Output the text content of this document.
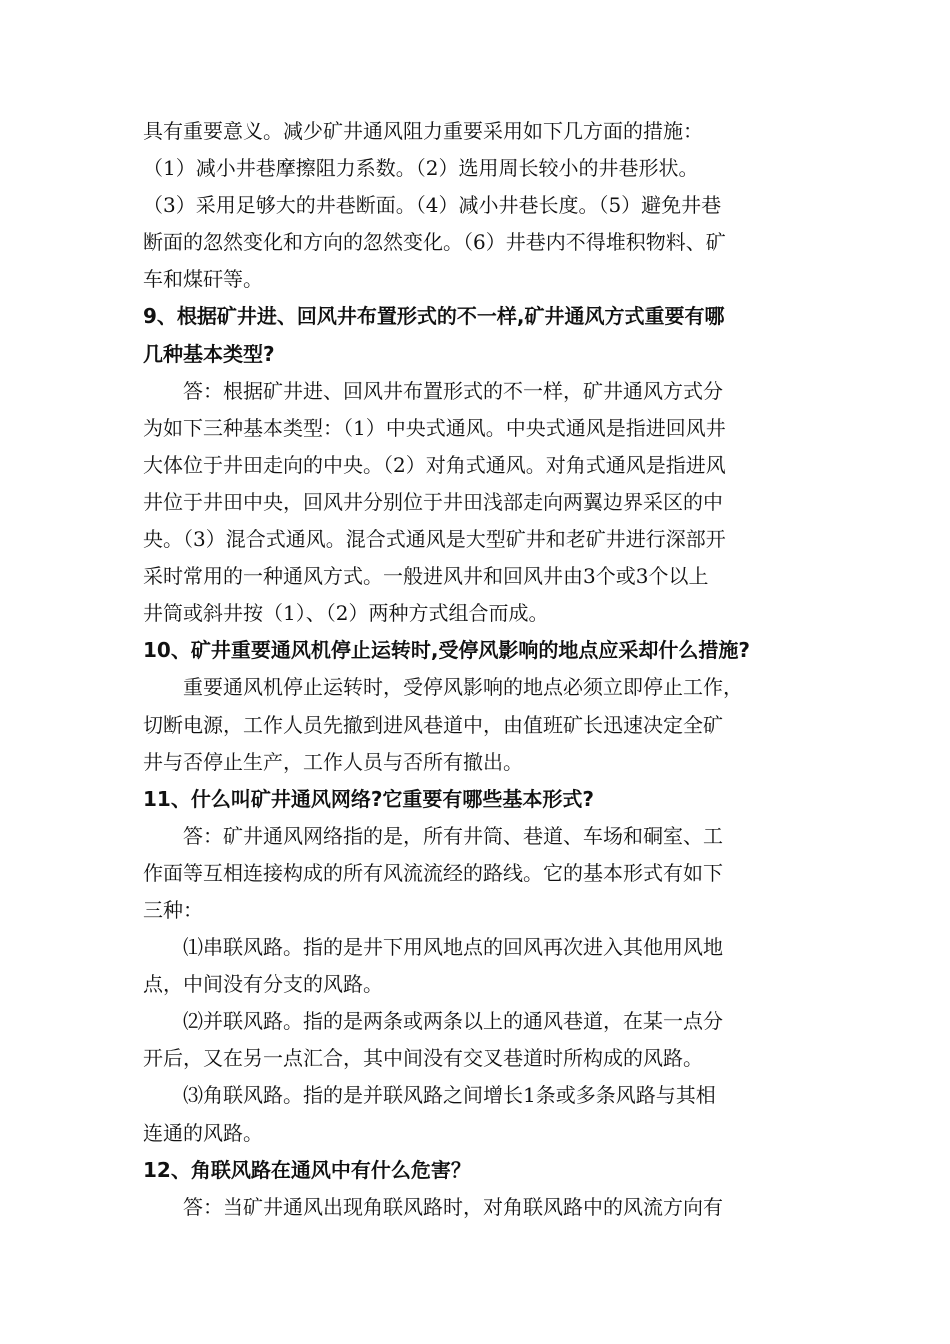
具有重要意义。减少矿井通风阻力重要采用如下几方面的措施：
（1）减小井巷摩擦阻力系数。（2）选用周长较小的井巷形状。
（3）采用足够大的井巷断面。（4）减小井巷长度。（5）避免井巷
断面的忽然变化和方向的忽然变化。（6）井巷内不得堆积物料、矿
车和煤矸等。
9、根据矿井进、回风井布置形式的不一样,矿井通风方式重要有哪
几种基本类型?
答：根据矿井进、回风井布置形式的不一样，矿井通风方式分
为如下三种基本类型：（1）中央式通风。中央式通风是指进回风井
大体位于井田走向的中央。（2）对角式通风。对角式通风是指进风
井位于井田中央，回风井分别位于井田浅部走向两翼边界采区的中
央。（3）混合式通风。混合式通风是大型矿井和老矿井进行深部开
采时常用的一种通风方式。一般进风井和回风井由3个或3个以上
井筒或斜井按（1）、（2）两种方式组合而成。
10、矿井重要通风机停止运转时,受停风影响的地点应采却什么措施?
重要通风机停止运转时，受停风影响的地点必须立即停止工作，
切断电源，工作人员先撤到进风巷道中，由值班矿长迅速决定全矿
井与否停止生产，工作人员与否所有撤出。
11、什么叫矿井通风网络?它重要有哪些基本形式?
答：矿井通风网络指的是，所有井筒、巷道、车场和硐室、工
作面等互相连接构成的所有风流流经的路线。它的基本形式有如下
三种：
⑴串联风路。指的是井下用风地点的回风再次进入其他用风地
点，中间没有分支的风路。
⑵并联风路。指的是两条或两条以上的通风巷道，在某一点分
开后，又在另一点汇合，其中间没有交叉巷道时所构成的风路。
⑶角联风路。指的是并联风路之间增长1条或多条风路与其相
连通的风路。
12、角联风路在通风中有什么危害？
答：当矿井通风出现角联风路时，对角联风路中的风流方向有
